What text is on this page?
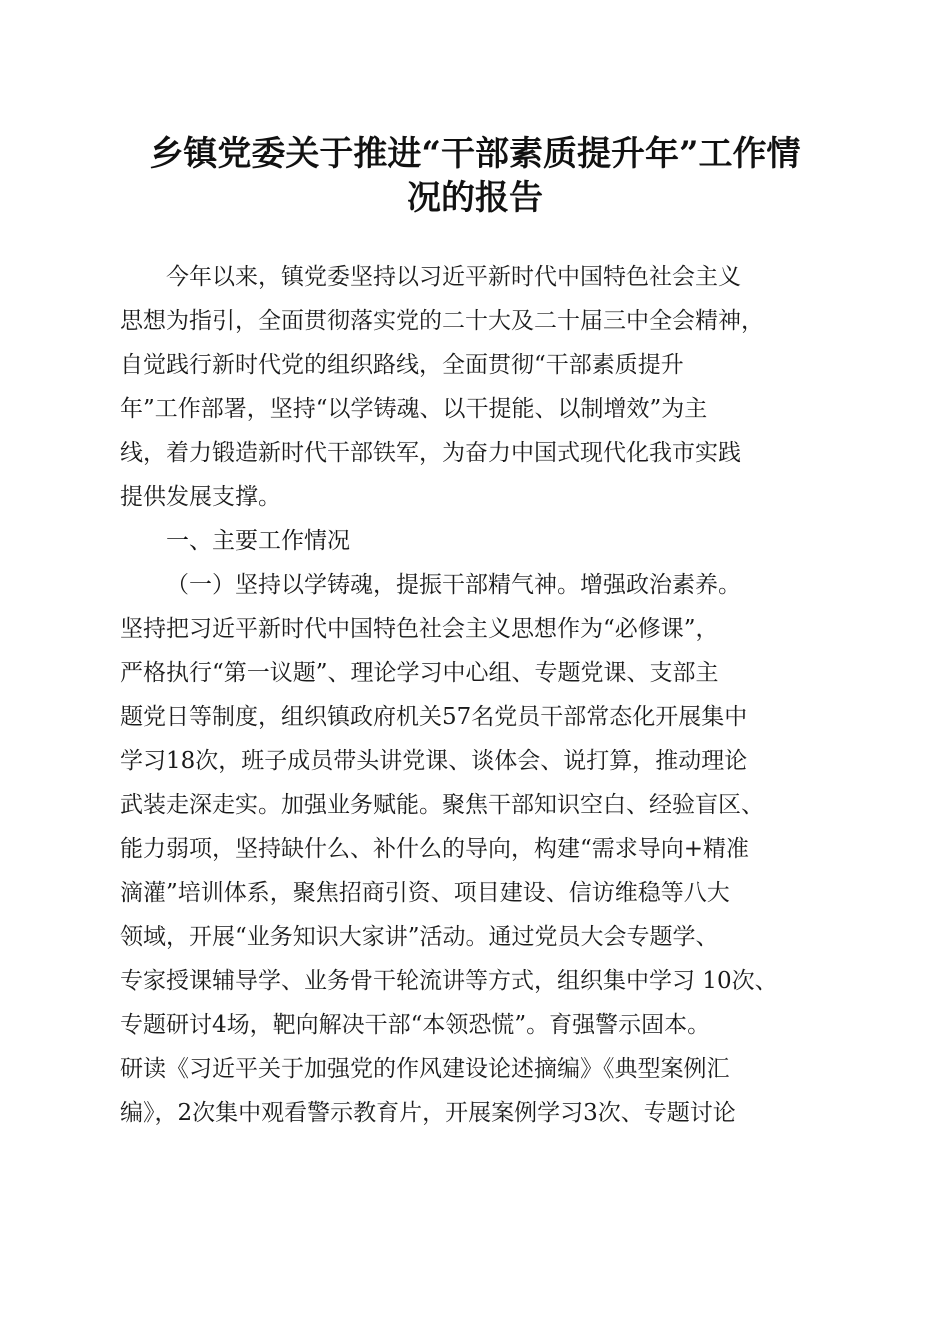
乡镇党委关于推进“干部素质提升年”工作情
况的报告
今年以来，镇党委坚持以习近平新时代中国特色社会主义
思想为指引，全面贯彻落实党的二十大及二十届三中全会精神，
自觉践行新时代党的组织路线，全面贯彻“干部素质提升
年”工作部署，坚持“以学铸魂、以干提能、以制增效”为主
线，着力锻造新时代干部铁军，为奋力中国式现代化我市实践
提供发展支撑。
一、主要工作情况
（一）坚持以学铸魂，提振干部精气神。增强政治素养。
坚持把习近平新时代中国特色社会主义思想作为“必修课”，
严格执行“第一议题”、理论学习中心组、专题党课、支部主
题党日等制度，组织镇政府机关57名党员干部常态化开展集中
学习18次，班子成员带头讲党课、谈体会、说打算，推动理论
武装走深走实。加强业务赋能。聚焦干部知识空白、经验盲区、
能力弱项，坚持缺什么、补什么的导向，构建“需求导向+精准
滴灌”培训体系，聚焦招商引资、项目建设、信访维稳等八大
领域，开展“业务知识大家讲”活动。通过党员大会专题学、
专家授课辅导学、业务骨干轮流讲等方式，组织集中学习 10次、
专题研讨4场，靶向解决干部“本领恐慌”。育强警示固本。
研读《习近平关于加强党的作风建设论述摘编》《典型案例汇
编》，2次集中观看警示教育片，开展案例学习3次、专题讨论
